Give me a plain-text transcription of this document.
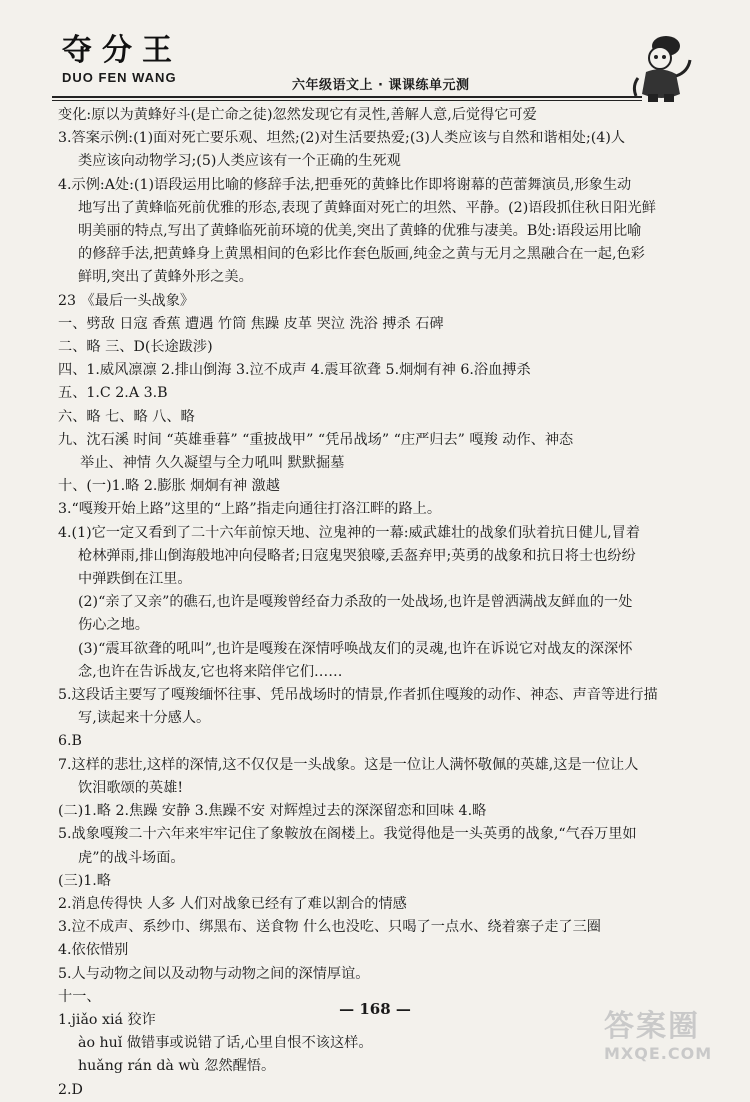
夺分王
DUO FEN WANG
六年级语文上 · 课课练单元测
变化:原以为黄蜂好斗(是亡命之徒)忽然发现它有灵性,善解人意,后觉得它可爱
3.答案示例:(1)面对死亡要乐观、坦然;(2)对生活要热爱;(3)人类应该与自然和谐相处;(4)人
类应该向动物学习;(5)人类应该有一个正确的生死观
4.示例:A处:(1)语段运用比喻的修辞手法,把垂死的黄蜂比作即将谢幕的芭蕾舞演员,形象生动
地写出了黄蜂临死前优雅的形态,表现了黄蜂面对死亡的坦然、平静。(2)语段抓住秋日阳光鲜
明美丽的特点,写出了黄蜂临死前环境的优美,突出了黄蜂的优雅与凄美。B处:语段运用比喻
的修辞手法,把黄蜂身上黄黑相间的色彩比作套色版画,纯金之黄与无月之黑融合在一起,色彩
鲜明,突出了黄蜂外形之美。
23 《最后一头战象》
一、劈敌 日寇 香蕉 遭遇 竹筒 焦躁 皮革 哭泣 洗浴 搏杀 石碑
二、略 三、D(长途跋涉)
四、1.威风凛凛 2.排山倒海 3.泣不成声 4.震耳欲聋 5.炯炯有神 6.浴血搏杀
五、1.C 2.A 3.B
六、略 七、略 八、略
九、沈石溪 时间 “英雄垂暮” “重披战甲” “凭吊战场” “庄严归去” 嘎羧 动作、神态
举止、神情 久久凝望与全力吼叫 默默掘墓
十、(一)1.略 2.膨胀 炯炯有神 激越
3.“嘎羧开始上路”这里的“上路”指走向通往打洛江畔的路上。
4.(1)它一定又看到了二十六年前惊天地、泣鬼神的一幕:威武雄壮的战象们驮着抗日健儿,冒着
枪林弹雨,排山倒海般地冲向侵略者;日寇鬼哭狼嚎,丢盔弃甲;英勇的战象和抗日将士也纷纷
中弹跌倒在江里。
(2)“亲了又亲”的礁石,也许是嘎羧曾经奋力杀敌的一处战场,也许是曾洒满战友鲜血的一处
伤心之地。
(3)“震耳欲聋的吼叫”,也许是嘎羧在深情呼唤战友们的灵魂,也许在诉说它对战友的深深怀
念,也许在告诉战友,它也将来陪伴它们……
5.这段话主要写了嘎羧缅怀往事、凭吊战场时的情景,作者抓住嘎羧的动作、神态、声音等进行描
写,读起来十分感人。
6.B
7.这样的悲壮,这样的深情,这不仅仅是一头战象。这是一位让人满怀敬佩的英雄,这是一位让人
饮泪歌颂的英雄!
(二)1.略 2.焦躁 安静 3.焦躁不安 对辉煌过去的深深留恋和回味 4.略
5.战象嘎羧二十六年来牢牢记住了象鞍放在阁楼上。我觉得他是一头英勇的战象,“气吞万里如
虎”的战斗场面。
(三)1.略
2.消息传得快 人多 人们对战象已经有了难以割合的情感
3.泣不成声、系纱巾、绑黑布、送食物 什么也没吃、只喝了一点水、绕着寨子走了三圈
4.依依惜别
5.人与动物之间以及动物与动物之间的深情厚谊。
十一、
1.jiǎo xiá 狡诈
ào huǐ 做错事或说错了话,心里自恨不该这样。
huǎng rán dà wù 忽然醒悟。
2.D
— 168 —	答案圈
MXQE.COM
